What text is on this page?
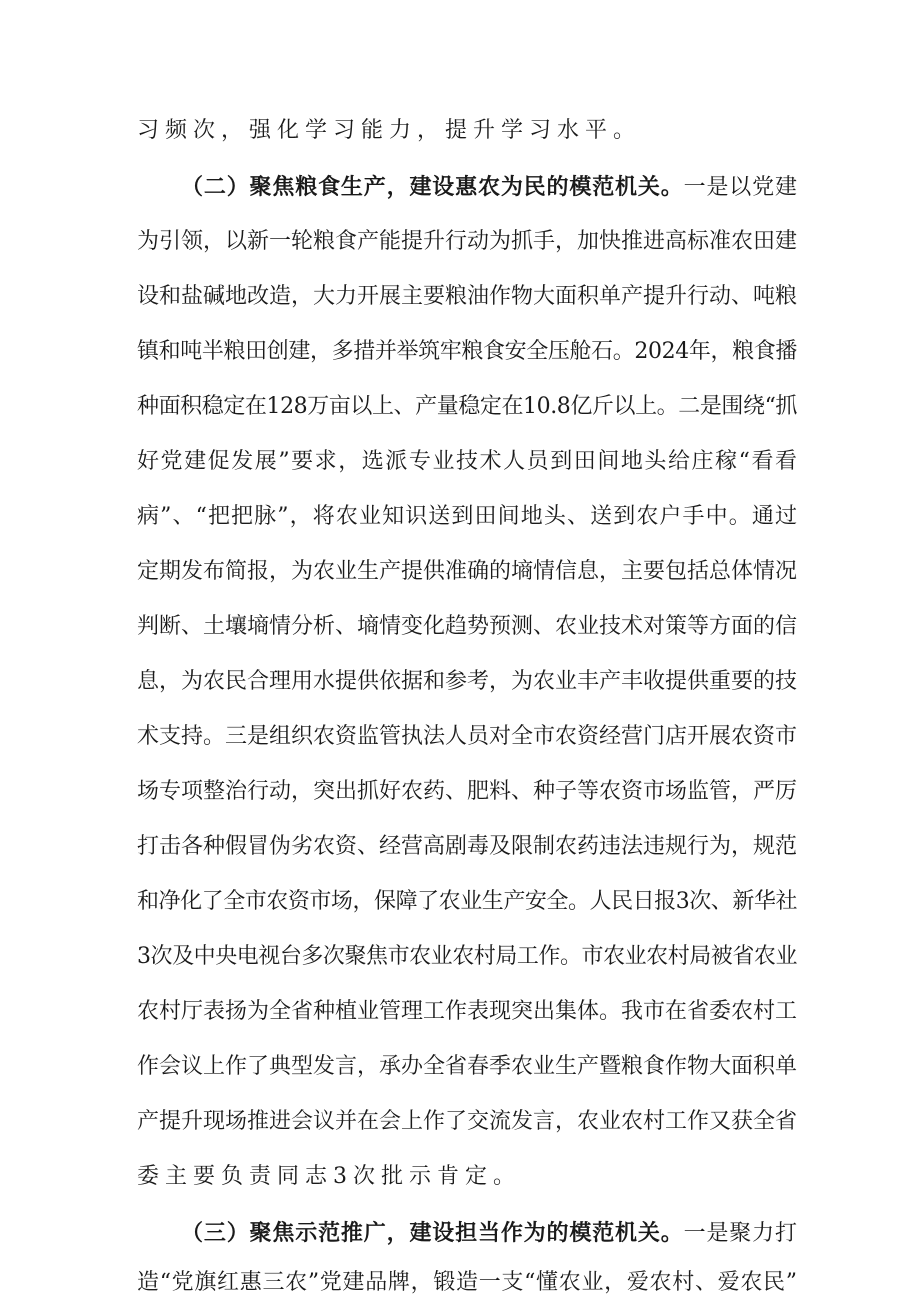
习频次，强化学习能力，提升学习水平。
（二）聚焦粮食生产，建设惠农为民的模范机关。一是以党建
为引领，以新一轮粮食产能提升行动为抓手，加快推进高标准农田建
设和盐碱地改造，大力开展主要粮油作物大面积单产提升行动、吨粮
镇和吨半粮田创建，多措并举筑牢粮食安全压舱石。2024年，粮食播
种面积稳定在128万亩以上、产量稳定在10.8亿斤以上。二是围绕“抓
好党建促发展”要求，选派专业技术人员到田间地头给庄稼“看看
病”、“把把脉”，将农业知识送到田间地头、送到农户手中。通过
定期发布简报，为农业生产提供准确的墒情信息，主要包括总体情况
判断、土壤墒情分析、墒情变化趋势预测、农业技术对策等方面的信
息，为农民合理用水提供依据和参考，为农业丰产丰收提供重要的技
术支持。三是组织农资监管执法人员对全市农资经营门店开展农资市
场专项整治行动，突出抓好农药、肥料、种子等农资市场监管，严厉
打击各种假冒伪劣农资、经营高剧毒及限制农药违法违规行为，规范
和净化了全市农资市场，保障了农业生产安全。人民日报3次、新华社
3次及中央电视台多次聚焦市农业农村局工作。市农业农村局被省农业
农村厅表扬为全省种植业管理工作表现突出集体。我市在省委农村工
作会议上作了典型发言，承办全省春季农业生产暨粮食作物大面积单
产提升现场推进会议并在会上作了交流发言，农业农村工作又获全省
委主要负责同志3次批示肯定。
（三）聚焦示范推广，建设担当作为的模范机关。一是聚力打
造“党旗红惠三农”党建品牌，锻造一支“懂农业，爱农村、爱农民”
